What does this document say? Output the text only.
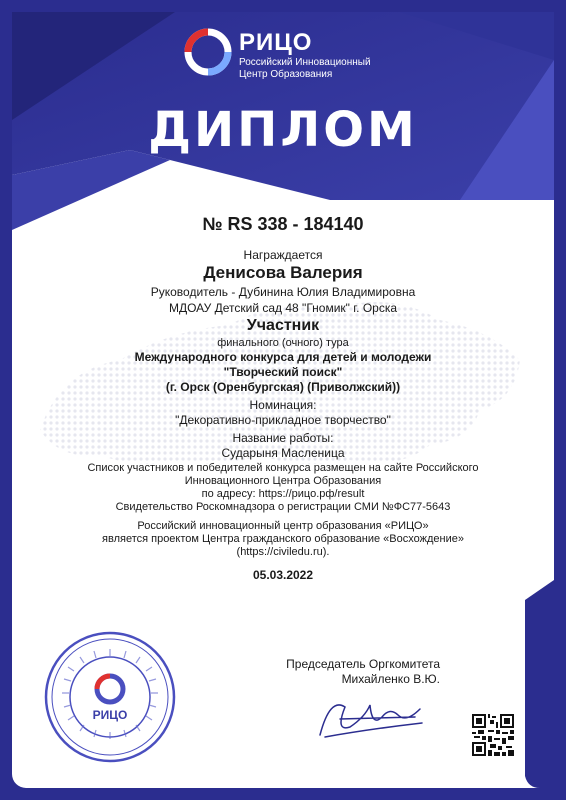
РИЦО
Российский Инновационный
Центр Образования
ДИПЛОМ
№ RS 338 - 184140
Награждается
Денисова Валерия
Руководитель - Дубинина Юлия Владимировна
МДОАУ Детский сад 48 "Гномик" г. Орска
Участник
финального (очного) тура
Международного конкурса для детей и молодежи
"Творческий поиск"
(г. Орск (Оренбургская) (Приволжский))
Номинация:
"Декоративно-прикладное творчество"
Название работы:
Сударыня Масленица
Список участников и победителей конкурса размещен на сайте Российского
Инновационного Центра Образования
по адресу: https://рицо.рф/result
Свидетельство Роскомнадзора о регистрации СМИ №ФС77-5643
Российский инновационный центр образования «РИЦО»
является проектом Центра гражданского образование «Восхождение»
(https://civiledu.ru).
05.03.2022
РИЦО
Председатель Оргкомитета
Михайленко В.Ю.
